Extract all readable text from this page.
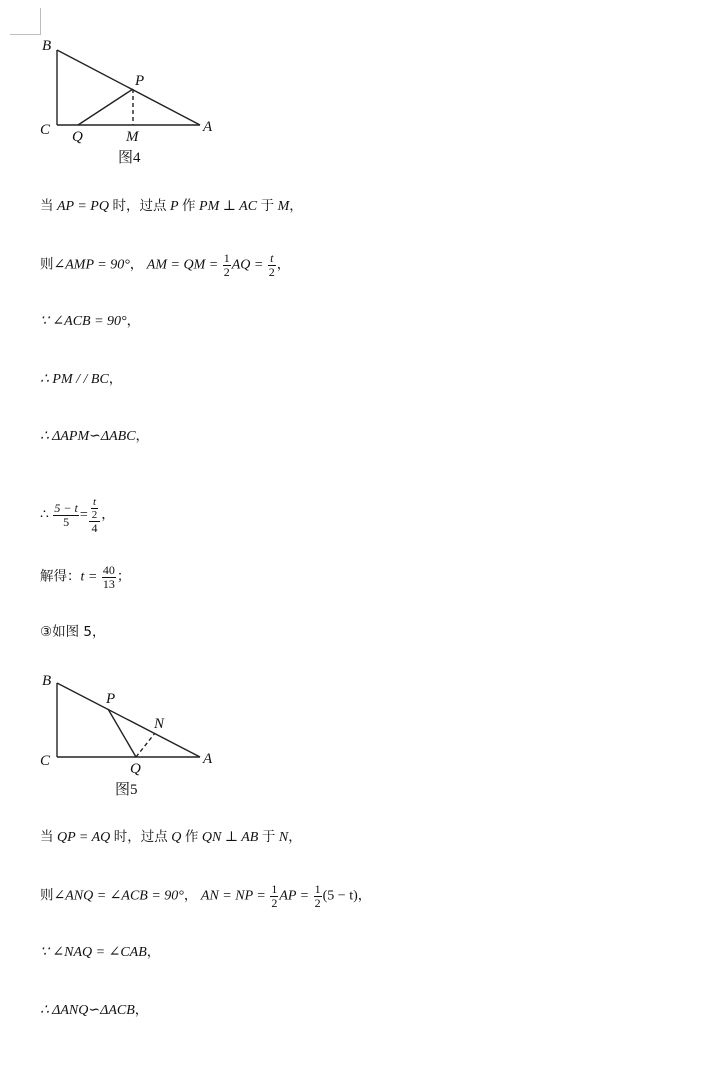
B
P
C Q	M
A
图4
当 AP = PQ 时，过点 P 作 PM ⊥ AC 于 M，
则∠AMP = 90°， AM = QM = $\frac{1}{2}$ AQ = $\frac{t}{2}$ ，
∵ ∠ACB = 90°，
∴ PM / / BC，
∴ ΔAPM∽ΔABC，
∴ $\frac{5 - t}{5} = \frac{\frac{t}{2}}{4}$ ，
解得：$t = \frac{40}{13}$ ；
③如图 5，
B
P
N
C	Q
A
图5
当 QP = AQ 时，过点 Q 作 QN ⊥ AB 于 N，
则∠ANQ = ∠ACB = 90°， AN = NP = $\frac{1}{2}$ AP = $\frac{1}{2} (5 - t)$，
∵ ∠NAQ = ∠CAB，
∴ ΔANQ∽ΔACB，
